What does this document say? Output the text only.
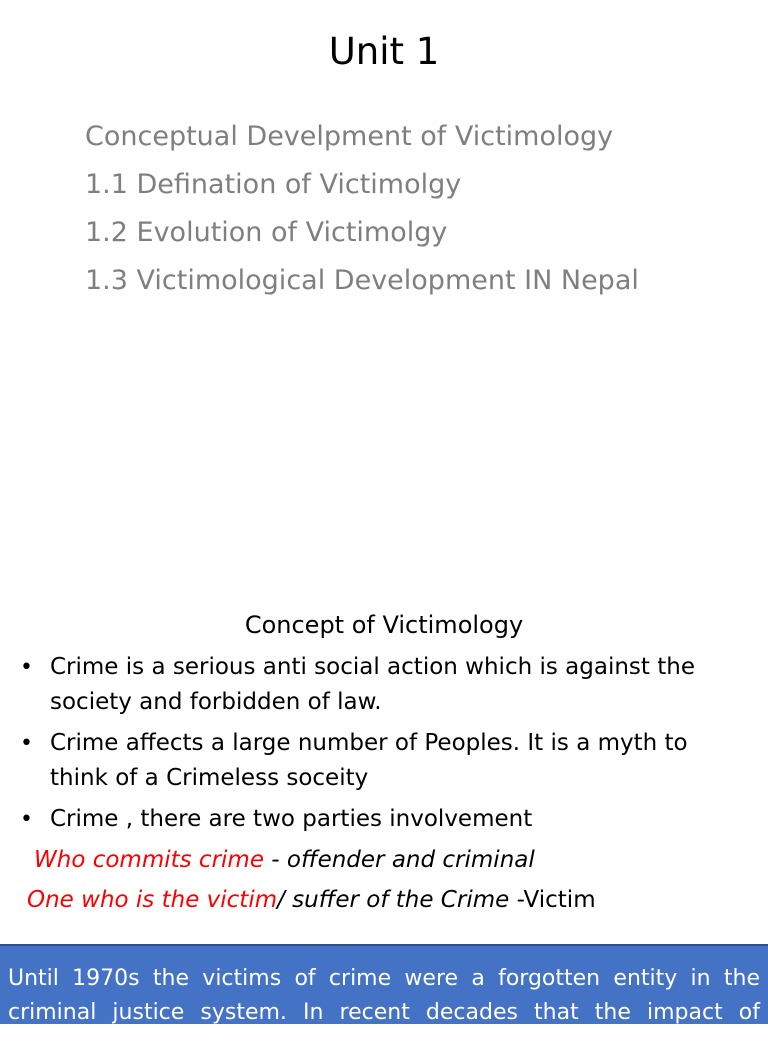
Unit 1
Conceptual Develpment of Victimology
1.1 Defination of Victimolgy
1.2 Evolution of Victimolgy
1.3 Victimological Development IN Nepal
Concept of Victimology
• Crime is a serious anti social action which is against the society and forbidden of law.
• Crime affects a large number of Peoples. It is a myth to think of a Crimeless soceity
• Crime , there are two parties involvement
Who commits crime - offender and criminal
One who is the victim/ suffer of the Crime -Victim
Until 1970s the victims of crime were a forgotten entity in the criminal justice system. In recent decades that the impact of victimization on
